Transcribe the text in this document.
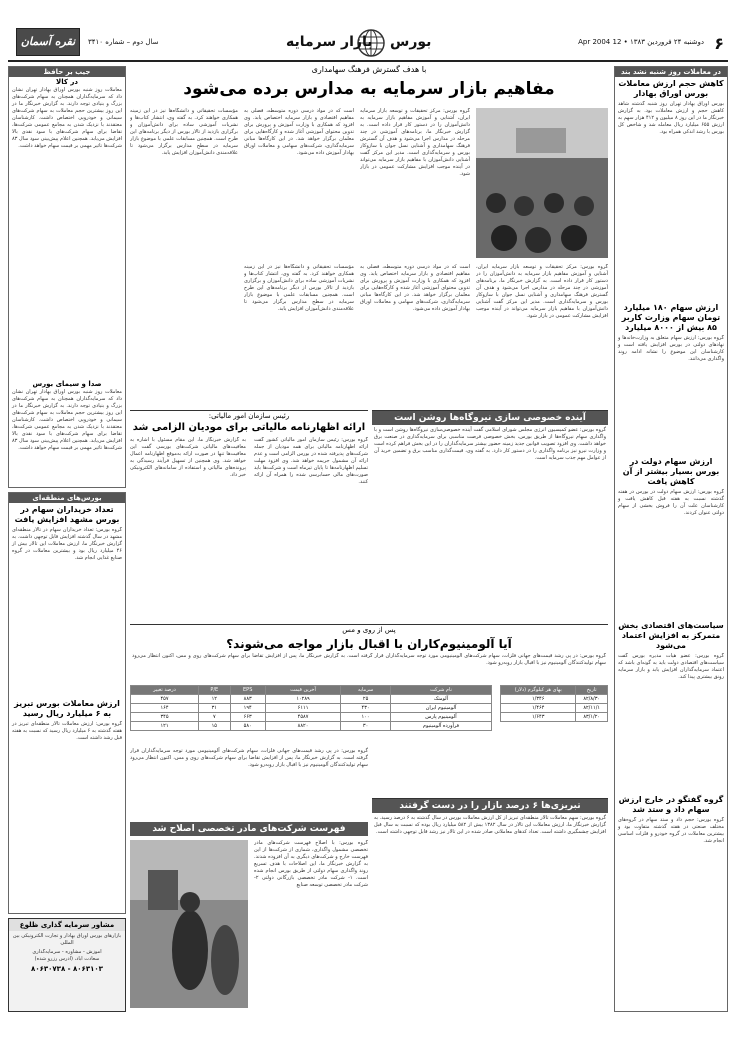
۶
دوشنبه ۲۴ فروردین ۱۳۸۳ • 12 Apr 2004
بورس
بازار سرمایه
سال دوم – شماره ۳۴۱۰
نقره آسمان
در معاملات روز شنبه نشد بند
کاهش حجم ارزش معاملات بورس اوراق بهادار
بورس اوراق بهادار تهران روز شنبه گذشته شاهد کاهش حجم و ارزش معاملات بود. به گزارش خبرنگار ما در این روز ۸ میلیون و ۴۱۲ هزار سهم به ارزش ۶۵۵ میلیارد ریال معامله شد و شاخص کل بورس با رشد اندکی همراه بود.
ارزش سهام ۱۸۰ میلیارد تومان سهام وزارت کاربر ۸۵ بیش از ۸۰۰۰ میلیارد
گروه بورس: ارزش سهام متعلق به وزارت‌خانه‌ها و نهادهای دولتی در بورس افزایش یافته است و کارشناسان این موضوع را نشانه ادامه روند واگذاری می‌دانند.
ارزش سهام دولت در بورس بسیار بیشتر از آن کاهش یافت
گروه بورس: ارزش سهام دولت در بورس در هفته گذشته نسبت به هفته قبل کاهش یافت و کارشناسان علت آن را فروش بخشی از سهام دولتی عنوان کردند.
سیاست‌های اقتصادی بخش متمرکز به افزایش اعتماد می‌شود
گروه بورس: عضو هیات مدیره بورس گفت سیاست‌های اقتصادی دولت باید به گونه‌ای باشد که اعتماد سرمایه‌گذاران افزایش یابد و بازار سرمایه رونق بیشتری پیدا کند.
گروه گفتگو در خارج ارزش سهام داد و ستد شد
گروه بورس: حجم داد و ستد سهام در گروه‌های مختلف صنعتی در هفته گذشته متفاوت بود و بیشترین معاملات در گروه خودرو و فلزات اساسی انجام شد.
جیب بر حافظ
در کالا
معاملات روز شنبه بورس اوراق بهادار تهران نشان داد که سرمایه‌گذاران همچنان به سهام شرکت‌های بزرگ و بنیادی توجه دارند. به گزارش خبرنگار ما در این روز بیشترین حجم معاملات به سهام شرکت‌های سیمانی و خودرویی اختصاص داشت. کارشناسان معتقدند با نزدیک شدن به مجامع عمومی شرکت‌ها، تقاضا برای سهام شرکت‌های با سود نقدی بالا افزایش می‌یابد. همچنین اعلام پیش‌بینی سود سال ۸۳ شرکت‌ها تاثیر مهمی بر قیمت سهام خواهد داشت.
صدا و سیمای بورس
معاملات روز شنبه بورس اوراق بهادار تهران نشان داد که سرمایه‌گذاران همچنان به سهام شرکت‌های بزرگ و بنیادی توجه دارند. به گزارش خبرنگار ما در این روز بیشترین حجم معاملات به سهام شرکت‌های سیمانی و خودرویی اختصاص داشت. کارشناسان معتقدند با نزدیک شدن به مجامع عمومی شرکت‌ها، تقاضا برای سهام شرکت‌های با سود نقدی بالا افزایش می‌یابد. همچنین اعلام پیش‌بینی سود سال ۸۳ شرکت‌ها تاثیر مهمی بر قیمت سهام خواهد داشت.
بورس‌های منطقه‌ای
تعداد خریداران سهام در بورس مشهد افزایش یافت
گروه بورس: تعداد خریداران سهام در تالار منطقه‌ای مشهد در سال گذشته افزایش قابل توجهی داشت. به گزارش خبرنگار ما، ارزش معاملات این تالار بیش از ۴۶ میلیارد ریال بود و بیشترین معاملات در گروه صنایع غذایی انجام شد.
ارزش معاملات بورس تبریز به ۶ میلیارد ریال رسید
گروه بورس: ارزش معاملات تالار منطقه‌ای تبریز در هفته گذشته به ۶ میلیارد ریال رسید که نسبت به هفته قبل رشد داشته است.
مشاور سرمایه گذاری ظلوع
بازارهای بورس اوراق بهادار و تجارت الکترونیکی بین المللی
آموزش - مشاوره - سرمایه‌گذاری
سعادت آباد، (آدرس رزرو شده)
۸۰۶۳۱۰۳ - ۸۰۶۳۰۷۳۸
با هدف گسترش فرهنگ سهامداری
مفاهیم بازار سرمایه به مدارس برده می‌شود
گروه بورس: مرکز تحقیقات و توسعه بازار سرمایه ایران، آشنایی و آموزش مفاهیم بازار سرمایه به دانش‌آموزان را در دستور کار قرار داده است. به گزارش خبرنگار ما، برنامه‌های آموزشی در چند مرحله در مدارس اجرا می‌شود و هدف آن گسترش فرهنگ سهامداری و آشنایی نسل جوان با سازوکار بورس و سرمایه‌گذاری است. مدیر این مرکز گفت آشنایی دانش‌آموزان با مفاهیم بازار سرمایه می‌تواند در آینده موجب افزایش مشارکت عمومی در بازار شود.
است که در مواد درسی دوره متوسطه، فصلی به مفاهیم اقتصادی و بازار سرمایه اختصاص یابد. وی افزود که همکاری با وزارت آموزش و پرورش برای تدوین محتوای آموزشی آغاز شده و کارگاه‌هایی برای معلمان برگزار خواهد شد. در این کارگاه‌ها مبانی سرمایه‌گذاری، شرکت‌های سهامی و معاملات اوراق بهادار آموزش داده می‌شود.
مؤسسات تحقیقاتی و دانشگاه‌ها نیز در این زمینه همکاری خواهند کرد. به گفته وی، انتشار کتاب‌ها و نشریات آموزشی ساده برای دانش‌آموزان و برگزاری بازدید از تالار بورس از دیگر برنامه‌های این طرح است. همچنین مسابقات علمی با موضوع بازار سرمایه در سطح مدارس برگزار می‌شود تا علاقه‌مندی دانش‌آموزان افزایش یابد.
گروه بورس: مرکز تحقیقات و توسعه بازار سرمایه ایران، آشنایی و آموزش مفاهیم بازار سرمایه به دانش‌آموزان را در دستور کار قرار داده است. به گزارش خبرنگار ما، برنامه‌های آموزشی در چند مرحله در مدارس اجرا می‌شود و هدف آن گسترش فرهنگ سهامداری و آشنایی نسل جوان با سازوکار بورس و سرمایه‌گذاری است. مدیر این مرکز گفت آشنایی دانش‌آموزان با مفاهیم بازار سرمایه می‌تواند در آینده موجب افزایش مشارکت عمومی در بازار شود.
است که در مواد درسی دوره متوسطه، فصلی به مفاهیم اقتصادی و بازار سرمایه اختصاص یابد. وی افزود که همکاری با وزارت آموزش و پرورش برای تدوین محتوای آموزشی آغاز شده و کارگاه‌هایی برای معلمان برگزار خواهد شد. در این کارگاه‌ها مبانی سرمایه‌گذاری، شرکت‌های سهامی و معاملات اوراق بهادار آموزش داده می‌شود.
مؤسسات تحقیقاتی و دانشگاه‌ها نیز در این زمینه همکاری خواهند کرد. به گفته وی، انتشار کتاب‌ها و نشریات آموزشی ساده برای دانش‌آموزان و برگزاری بازدید از تالار بورس از دیگر برنامه‌های این طرح است. همچنین مسابقات علمی با موضوع بازار سرمایه در سطح مدارس برگزار می‌شود تا علاقه‌مندی دانش‌آموزان افزایش یابد.
آینده خصوصی سازی نیروگاه‌ها روشن است
گروه بورس: عضو کمیسیون انرژی مجلس شورای اسلامی گفت آینده خصوصی‌سازی نیروگاه‌ها روشن است و با واگذاری سهام نیروگاه‌ها از طریق بورس، بخش خصوصی فرصت مناسبی برای سرمایه‌گذاری در صنعت برق خواهد داشت. وی افزود تصویب قوانین جدید زمینه حضور بیشتر سرمایه‌گذاران را در این بخش فراهم کرده است و وزارت نیرو نیز برنامه واگذاری را در دستور کار دارد. به گفته وی، قیمت‌گذاری مناسب برق و تضمین خرید آن از عوامل مهم جذب سرمایه است.
رئیس سازمان امور مالیاتی:
ارائه اظهارنامه مالیاتی برای مودیان الزامی شد
گروه بورس: رئیس سازمان امور مالیاتی کشور گفت ارائه اظهارنامه مالیاتی برای همه مودیان از جمله شرکت‌های پذیرفته شده در بورس الزامی است و عدم ارائه آن مشمول جریمه خواهد شد. وی افزود مهلت تسلیم اظهارنامه‌ها تا پایان تیرماه است و شرکت‌ها باید صورت‌های مالی حسابرسی شده را همراه آن ارائه کنند.
به گزارش خبرنگار ما، این مقام مسئول با اشاره به معافیت‌های مالیاتی شرکت‌های بورسی گفت این معافیت‌ها تنها در صورت ارائه به‌موقع اظهارنامه اعمال خواهد شد. وی همچنین از تسهیل فرآیند رسیدگی به پرونده‌های مالیاتی و استفاده از سامانه‌های الکترونیکی خبر داد.
پس از روی و مس
آیا آلومینیوم‌کاران با اقبال بازار مواجه می‌شوند؟
گروه بورس: در پی رشد قیمت‌های جهانی فلزات، سهام شرکت‌های آلومینیومی مورد توجه سرمایه‌گذاران قرار گرفته است. به گزارش خبرنگار ما، پس از افزایش تقاضا برای سهام شرکت‌های روی و مس، اکنون انتظار می‌رود سهام تولیدکنندگان آلومینیوم نیز با اقبال بازار روبه‌رو شود.
تاریخ	بهای هر کیلوگرم (دلار)
۸۲/۸/۳۰	۱/۳۴۶
۸۲/۱۱/۱	۱/۴۶۴
۸۳/۱/۲۰	۱/۶۴۳
نام شرکت	سرمایه	آخرین قیمت	EPS	P/E	درصد تغییر
آلومتک	۲۵	۱۰۲۸۹	۸۸۳	۱۲	۴۵۷
آلومینیوم ایران	۴۳۰	۶۱۱۱	۱۹۴	۳۱	۱۶۴
آلومینیوم پارس	۱۰۰	۴۵۸۷	۶۶۳	۷	۳۴۵
فرآورده آلومینیوم	۳۰	۸۸۲۰	۵۸۰	۱۵	۱۲۱
تبریزی‌ها ۶ درصد بازار را در دست گرفتند
گروه بورس: سهم معاملات تالار منطقه‌ای تبریز از کل ارزش معاملات بورس در سال گذشته به ۶ درصد رسید. به گزارش خبرنگار ما، ارزش معاملات این تالار در سال ۱۳۸۲ بیش از ۵۸۲ میلیارد ریال بوده که نسبت به سال قبل افزایش چشمگیری داشته است. تعداد کدهای معاملاتی صادر شده در این تالار نیز رشد قابل توجهی داشته است.
گروه بورس: در پی رشد قیمت‌های جهانی فلزات، سهام شرکت‌های آلومینیومی مورد توجه سرمایه‌گذاران قرار گرفته است. به گزارش خبرنگار ما، پس از افزایش تقاضا برای سهام شرکت‌های روی و مس، اکنون انتظار می‌رود سهام تولیدکنندگان آلومینیوم نیز با اقبال بازار روبه‌رو شود.
فهرست شرکت‌های مادر تخصصی اصلاح شد
گروه بورس: با اصلاح فهرست شرکت‌های مادر تخصصی مشمول واگذاری، شماری از شرکت‌ها از این فهرست خارج و شرکت‌های دیگری به آن افزوده شدند. به گزارش خبرنگار ما، این اصلاحات با هدف تسریع روند واگذاری سهام دولتی از طریق بورس انجام شده است. ۱- شرکت مادر تخصصی بازرگانی دولتی ۲- شرکت مادر تخصصی توسعه صنایع
